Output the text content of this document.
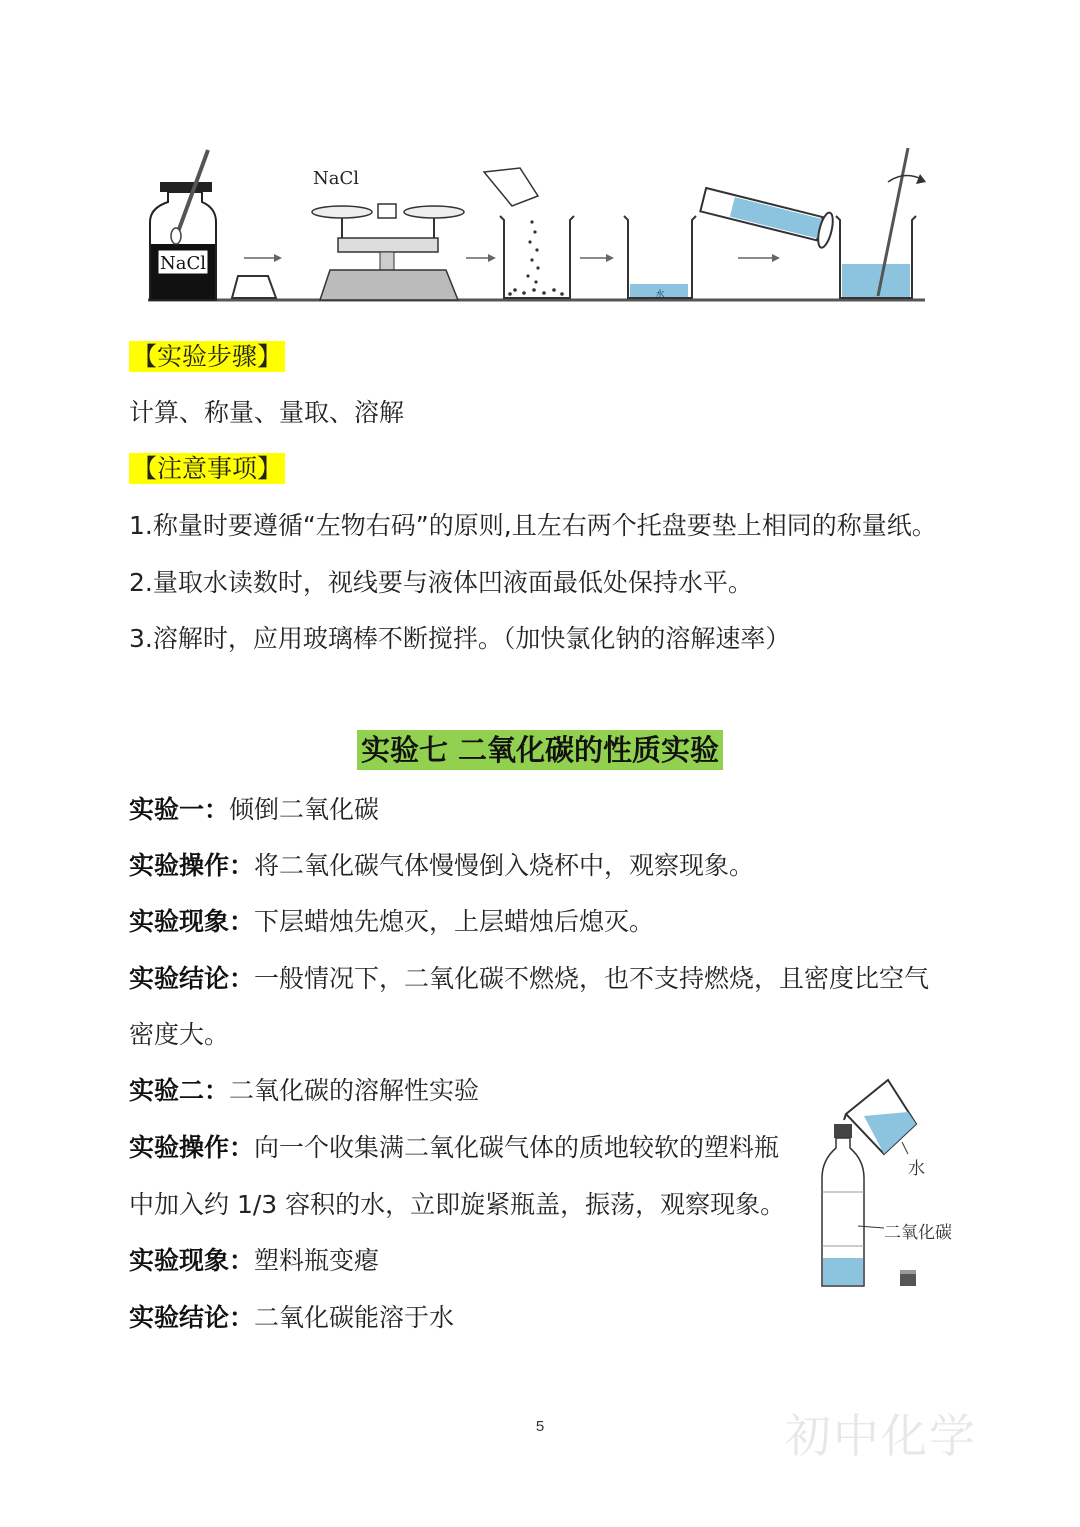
NaCl
NaCl
水
【实验步骤】
计算、称量、量取、溶解
【注意事项】
1.称量时要遵循“左物右码”的原则,且左右两个托盘要垫上相同的称量纸。
2.量取水读数时，视线要与液体凹液面最低处保持水平。
3.溶解时，应用玻璃棒不断搅拌。（加快氯化钠的溶解速率）
实验七 二氧化碳的性质实验
实验一：倾倒二氧化碳
实验操作：将二氧化碳气体慢慢倒入烧杯中，观察现象。
实验现象：下层蜡烛先熄灭，上层蜡烛后熄灭。
实验结论：一般情况下，二氧化碳不燃烧，也不支持燃烧，且密度比空气
密度大。
实验二：二氧化碳的溶解性实验
实验操作：向一个收集满二氧化碳气体的质地较软的塑料瓶
中加入约 1/3 容积的水，立即旋紧瓶盖，振荡，观察现象。
实验现象：塑料瓶变瘪
实验结论：二氧化碳能溶于水
水
二氧化碳
5	初中化学
